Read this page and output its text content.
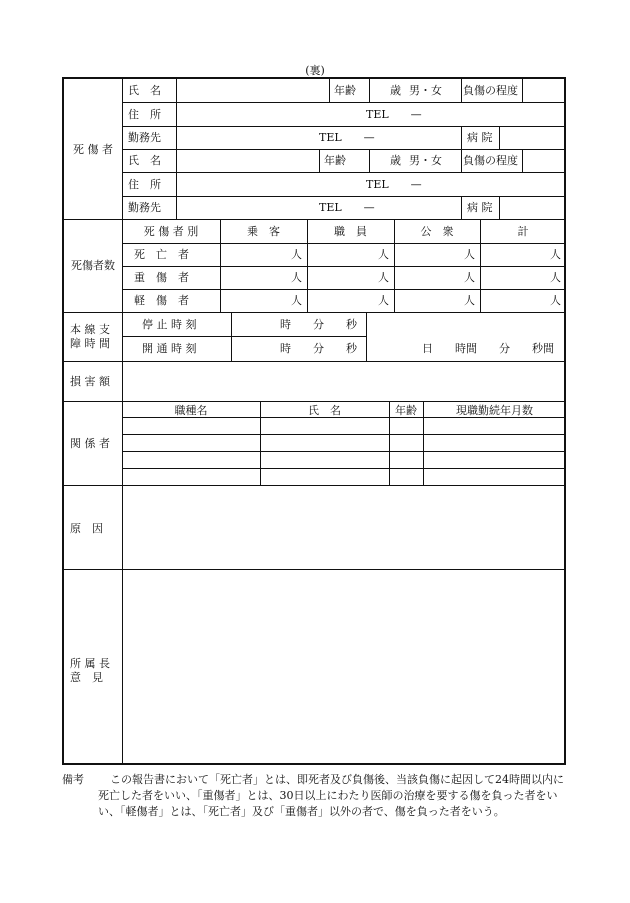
(裏)
死 傷 者
氏　名	年齢	歳 男・女 負傷の程度
住　所	TEL　　—
勤務先	TEL　　—	病 院
氏　名	年齢	歳 男・女 負傷の程度
住　所	TEL　　—
勤務先	TEL　　—	病 院
死傷者数
死 傷 者 別	乗　客	職　員	公　衆	計
死　亡　者	人	人	人	人
重　傷　者	人	人	人	人
軽　傷　者	人	人	人	人
本 線 支
障 時 間
停 止 時 刻	時　　分　　秒
開 通 時 刻	時　　分　　秒	日　　時間　　分　　秒間
損 害 額
関 係 者
職種名	氏　名	年齢	現職勤続年月数
原　因
所 属 長
意　見
備考	この報告書において「死亡者」とは、即死者及び負傷後、当該負傷に起因して24時間以内に死亡した者をいい、「重傷者」とは、30日以上にわたり医師の治療を要する傷を負った者をいい、「軽傷者」とは、「死亡者」及び「重傷者」以外の者で、傷を負った者をいう。
